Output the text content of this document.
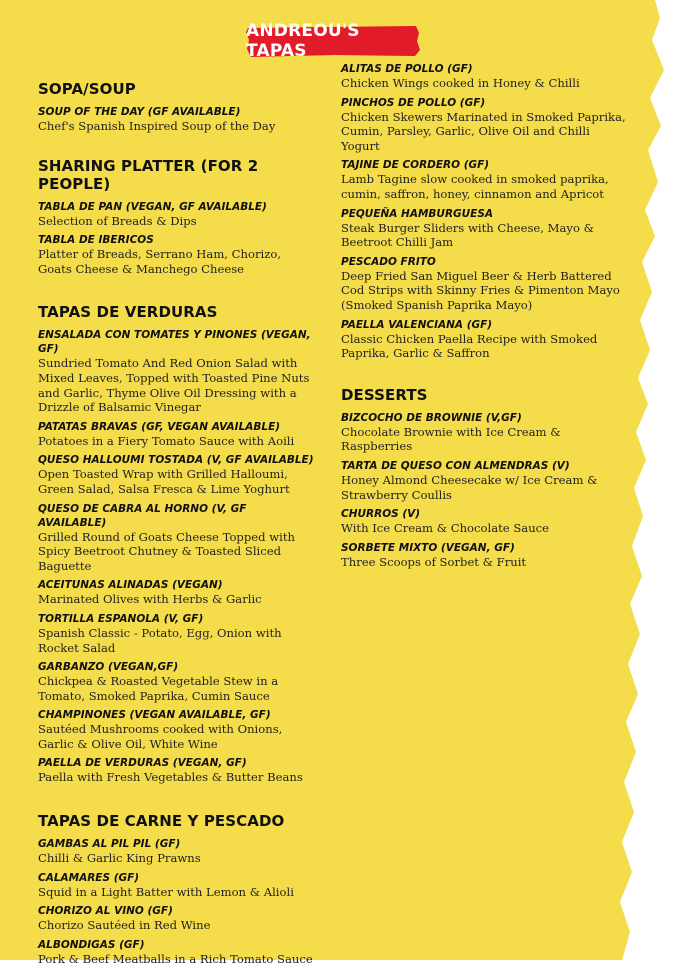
ANDREOU'S TAPAS
SOPA/SOUP
SOUP OF THE DAY (GF AVAILABLE)
Chef's Spanish Inspired Soup of the Day
SHARING PLATTER (FOR 2 PEOPLE)
TABLA DE PAN (VEGAN, GF AVAILABLE)
Selection of Breads & Dips
TABLA DE IBERICOS
Platter of Breads, Serrano Ham, Chorizo, Goats Cheese & Manchego Cheese
TAPAS DE VERDURAS
ENSALADA CON TOMATES Y PINONES (VEGAN, GF)
Sundried Tomato And Red Onion Salad with Mixed Leaves, Topped with Toasted Pine Nuts and Garlic, Thyme Olive Oil Dressing with a Drizzle of Balsamic Vinegar
PATATAS BRAVAS (GF, VEGAN AVAILABLE)
Potatoes in a Fiery Tomato Sauce with Aoili
QUESO HALLOUMI TOSTADA (V, GF AVAILABLE)
Open Toasted Wrap with Grilled Halloumi, Green Salad, Salsa Fresca & Lime Yoghurt
QUESO DE CABRA AL HORNO (V, GF AVAILABLE)
Grilled Round of Goats Cheese Topped with Spicy Beetroot Chutney & Toasted Sliced Baguette
ACEITUNAS ALINADAS (VEGAN)
Marinated Olives with Herbs & Garlic
TORTILLA ESPANOLA (V, GF)
Spanish Classic - Potato, Egg, Onion with Rocket Salad
GARBANZO (VEGAN,GF)
Chickpea & Roasted Vegetable Stew in a Tomato, Smoked Paprika, Cumin Sauce
CHAMPINONES (VEGAN AVAILABLE, GF)
Sautéed Mushrooms cooked with Onions, Garlic & Olive Oil, White Wine
PAELLA DE VERDURAS (VEGAN, GF)
Paella with Fresh Vegetables & Butter Beans
TAPAS DE CARNE Y PESCADO
GAMBAS AL PIL PIL (GF)
Chilli & Garlic King Prawns
CALAMARES (GF)
Squid in a Light Batter with Lemon & Alioli
CHORIZO AL VINO (GF)
Chorizo Sautéed in Red Wine
ALBONDIGAS (GF)
Pork & Beef Meatballs in a Rich Tomato Sauce
ALITAS DE POLLO (GF)
Chicken Wings cooked in Honey & Chilli
PINCHOS DE POLLO (GF)
Chicken Skewers Marinated in Smoked Paprika, Cumin, Parsley, Garlic, Olive Oil and Chilli Yogurt
TAJINE DE CORDERO (GF)
Lamb Tagine slow cooked in smoked paprika, cumin, saffron, honey, cinnamon and Apricot
PEQUEÑA HAMBURGUESA
Steak Burger Sliders with Cheese, Mayo & Beetroot Chilli Jam
PESCADO FRITO
Deep Fried San Miguel Beer & Herb Battered Cod Strips with Skinny Fries & Pimenton Mayo (Smoked Spanish Paprika Mayo)
PAELLA VALENCIANA (GF)
Classic Chicken Paella Recipe with Smoked Paprika, Garlic & Saffron
DESSERTS
BIZCOCHO DE BROWNIE (V,GF)
Chocolate Brownie with Ice Cream & Raspberries
TARTA DE QUESO CON ALMENDRAS (V)
Honey Almond Cheesecake w/ Ice Cream & Strawberry Coullis
CHURROS (V)
With Ice Cream & Chocolate Sauce
SORBETE MIXTO (VEGAN, GF)
Three Scoops of Sorbet & Fruit
